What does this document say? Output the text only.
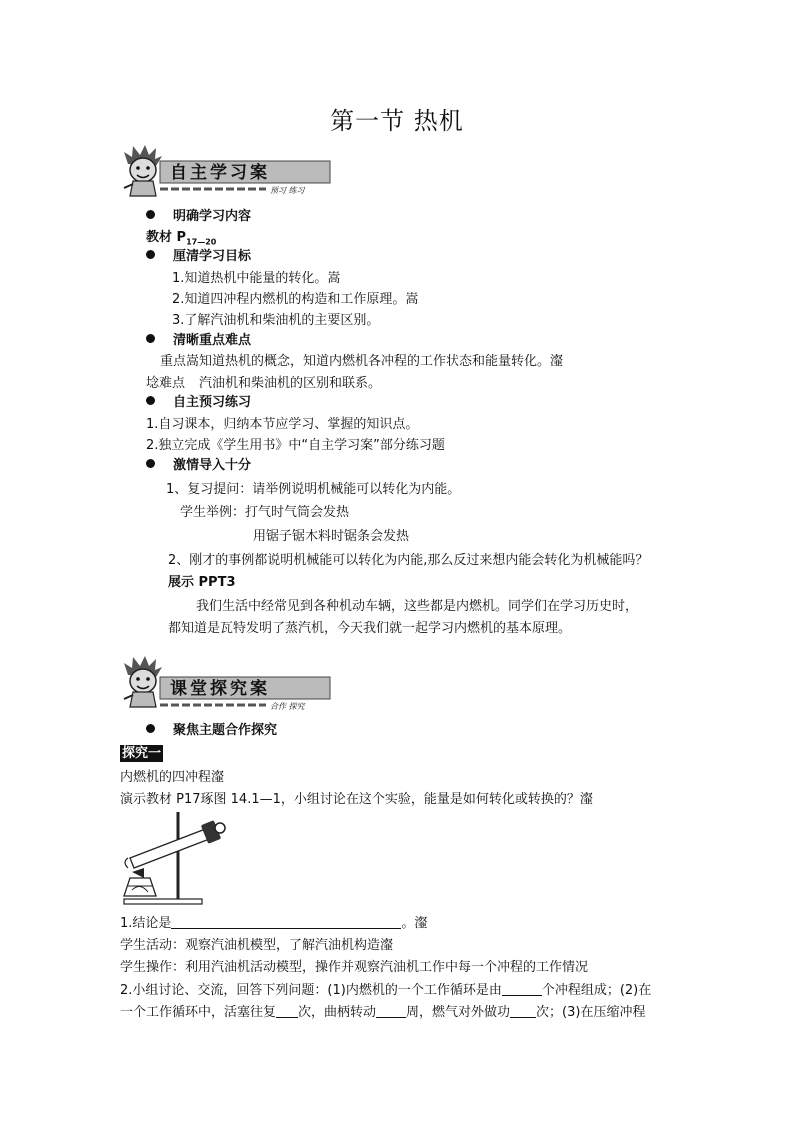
第一节 热机
自主学习案
预习 练习
明确学习内容
教材 $P_{17—20}$
厘清学习目标
1.知道热机中能量的转化。嵩
2.知道四冲程内燃机的构造和工作原理。嵩
3.了解汽油机和柴油机的主要区别。
清晰重点难点
重点嵩知道热机的概念，知道内燃机各冲程的工作状态和能量转化。瀣
埝难点 汽油机和柴油机的区别和联系。
自主预习练习
1.自习课本，归纳本节应学习、掌握的知识点。
2.独立完成《学生用书》中“自主学习案”部分练习题
激情导入十分
1、复习提问：请举例说明机械能可以转化为内能。
学生举例：打气时气筒会发热
用锯子锯木料时锯条会发热
2、刚才的事例都说明机械能可以转化为内能,那么反过来想内能会转化为机械能吗？
展示 PPT3
我们生活中经常见到各种机动车辆，这些都是内燃机。同学们在学习历史时，
都知道是瓦特发明了蒸汽机，今天我们就一起学习内燃机的基本原理。
课堂探究案
合作 探究
聚焦主题合作探究
探究一
内燃机的四冲程瀣
演示教材 P17琢图 14.1—1，小组讨论在这个实验，能量是如何转化或转换的？瀣
1.结论是	。瀣
学生活动：观察汽油机模型，了解汽油机构造瀣
学生操作：利用汽油机活动模型，操作并观察汽油机工作中每一个冲程的工作情况
2.小组讨论、交流，回答下列问题：(1)内燃机的一个工作循环是由	个冲程组成；(2)在
一个工作循环中，活塞往复 次，曲柄转动 周，燃气对外做功 次；(3)在压缩冲程
